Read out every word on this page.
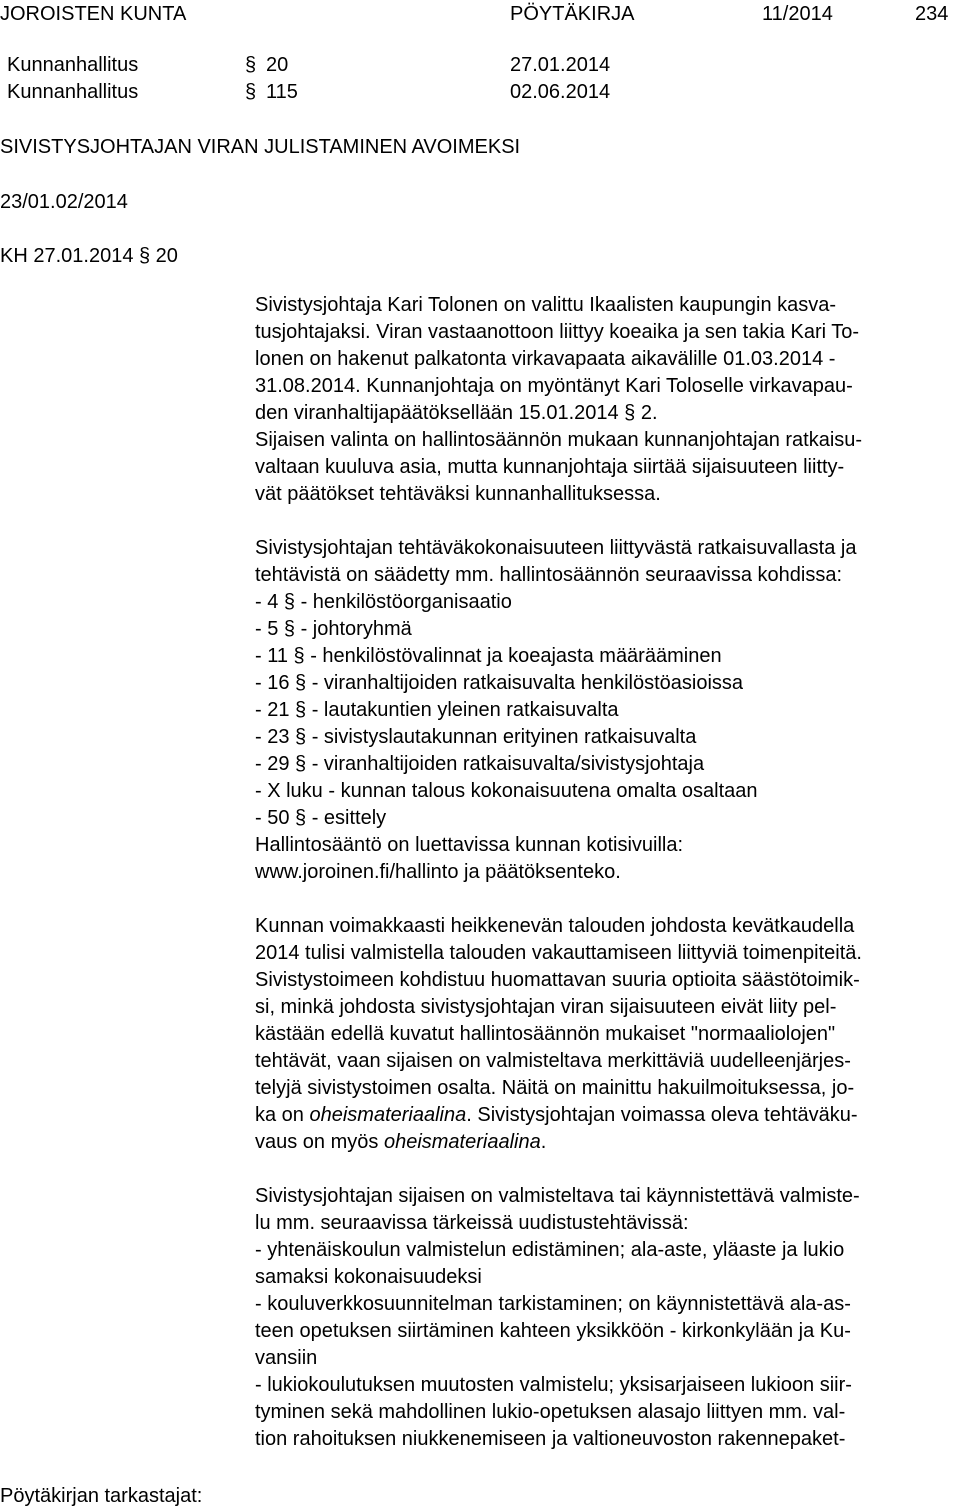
JOROISTEN KUNTA	PÖYTÄKIRJA	11/2014	234
Kunnanhallitus	§ 20	27.01.2014
Kunnanhallitus	§ 115	02.06.2014
SIVISTYSJOHTAJAN VIRAN JULISTAMINEN AVOIMEKSI
23/01.02/2014
KH 27.01.2014 § 20
Sivistysjohtaja Kari Tolonen on valittu Ikaalisten kaupungin kasva-
tusjohtajaksi. Viran vastaanottoon liittyy koeaika ja sen takia Kari To-
lonen on hakenut palkatonta virkavapaata aikavälille 01.03.2014 -
31.08.2014. Kunnanjohtaja on myöntänyt Kari Toloselle virkavapau-
den viranhaltijapäätöksellään 15.01.2014 § 2.
Sijaisen valinta on hallintosäännön mukaan kunnanjohtajan ratkaisu-
valtaan kuuluva asia, mutta kunnanjohtaja siirtää sijaisuuteen liitty-
vät päätökset tehtäväksi kunnanhallituksessa.
Sivistysjohtajan tehtäväkokonaisuuteen liittyvästä ratkaisuvallasta ja
tehtävistä on säädetty mm. hallintosäännön seuraavissa kohdissa:
- 4 § - henkilöstöorganisaatio
- 5 § - johtoryhmä
- 11 § - henkilöstövalinnat ja koeajasta määrääminen
- 16 § - viranhaltijoiden ratkaisuvalta henkilöstöasioissa
- 21 § - lautakuntien yleinen ratkaisuvalta
- 23 § - sivistyslautakunnan erityinen ratkaisuvalta
- 29 § - viranhaltijoiden ratkaisuvalta/sivistysjohtaja
- X luku - kunnan talous kokonaisuutena omalta osaltaan
- 50 § - esittely
Hallintosääntö on luettavissa kunnan kotisivuilla:
www.joroinen.fi/hallinto ja päätöksenteko.
Kunnan voimakkaasti heikkenevän talouden johdosta kevätkaudella
2014 tulisi valmistella talouden vakauttamiseen liittyviä toimenpiteitä.
Sivistystoimeen kohdistuu huomattavan suuria optioita säästötoimik-
si, minkä johdosta sivistysjohtajan viran sijaisuuteen eivät liity pel-
kästään edellä kuvatut hallintosäännön mukaiset "normaaliolojen"
tehtävät, vaan sijaisen on valmisteltava merkittäviä uudelleenjärjes-
telyjä sivistystoimen osalta. Näitä on mainittu hakuilmoituksessa, jo-
ka on oheismateriaalina. Sivistysjohtajan voimassa oleva tehtäväku-
vaus on myös oheismateriaalina.
Sivistysjohtajan sijaisen on valmisteltava tai käynnistettävä valmiste-
lu mm. seuraavissa tärkeissä uudistustehtävissä:
- yhtenäiskoulun valmistelun edistäminen; ala-aste, yläaste ja lukio
samaksi kokonaisuudeksi
- kouluverkkosuunnitelman tarkistaminen; on käynnistettävä ala-as-
teen opetuksen siirtäminen kahteen yksikköön - kirkonkylään ja Ku-
vansiin
- lukiokoulutuksen muutosten valmistelu; yksisarjaiseen lukioon siir-
tyminen sekä mahdollinen lukio-opetuksen alasajo liittyen mm. val-
tion rahoituksen niukkenemiseen ja valtioneuvoston rakennepaket-
Pöytäkirjan tarkastajat:
